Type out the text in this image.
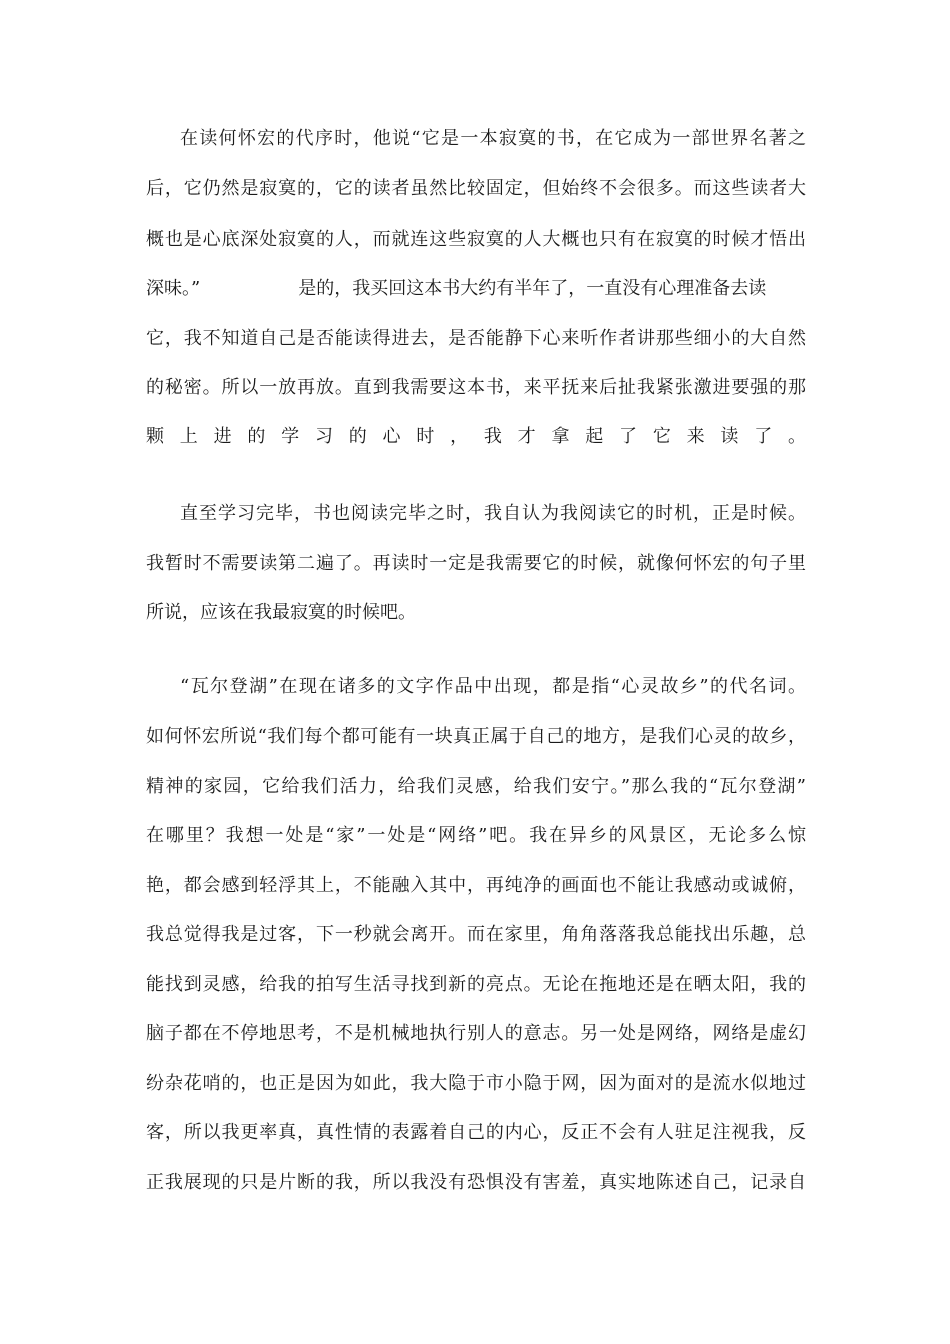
在读何怀宏的代序时，他说“它是一本寂寞的书，在它成为一部世界名著之

后，它仍然是寂寞的，它的读者虽然比较固定，但始终不会很多。而这些读者大

概也是心底深处寂寞的人，而就连这些寂寞的人大概也只有在寂寞的时候才悟出

深味。”	是的，我买回这本书大约有半年了，一直没有心理准备去读

它，我不知道自己是否能读得进去，是否能静下心来听作者讲那些细小的大自然

的秘密。所以一放再放。直到我需要这本书，来平抚来后扯我紧张激进要强的那

颗上进的学习的心时，我才拿起了它来读了。

直至学习完毕，书也阅读完毕之时，我自认为我阅读它的时机，正是时候。

我暂时不需要读第二遍了。再读时一定是我需要它的时候，就像何怀宏的句子里

所说，应该在我最寂寞的时候吧。

“瓦尔登湖”在现在诸多的文字作品中出现，都是指“心灵故乡”的代名词。

如何怀宏所说“我们每个都可能有一块真正属于自己的地方，是我们心灵的故乡，

精神的家园，它给我们活力，给我们灵感，给我们安宁。”那么我的“瓦尔登湖”

在哪里？我想一处是“家”一处是“网络”吧。我在异乡的风景区，无论多么惊

艳，都会感到轻浮其上，不能融入其中，再纯净的画面也不能让我感动或诚俯，

我总觉得我是过客，下一秒就会离开。而在家里，角角落落我总能找出乐趣，总

能找到灵感，给我的拍写生活寻找到新的亮点。无论在拖地还是在晒太阳，我的

脑子都在不停地思考，不是机械地执行别人的意志。另一处是网络，网络是虚幻

纷杂花哨的，也正是因为如此，我大隐于市小隐于网，因为面对的是流水似地过

客，所以我更率真，真性情的表露着自己的内心，反正不会有人驻足注视我，反

正我展现的只是片断的我，所以我没有恐惧没有害羞，真实地陈述自己，记录自
